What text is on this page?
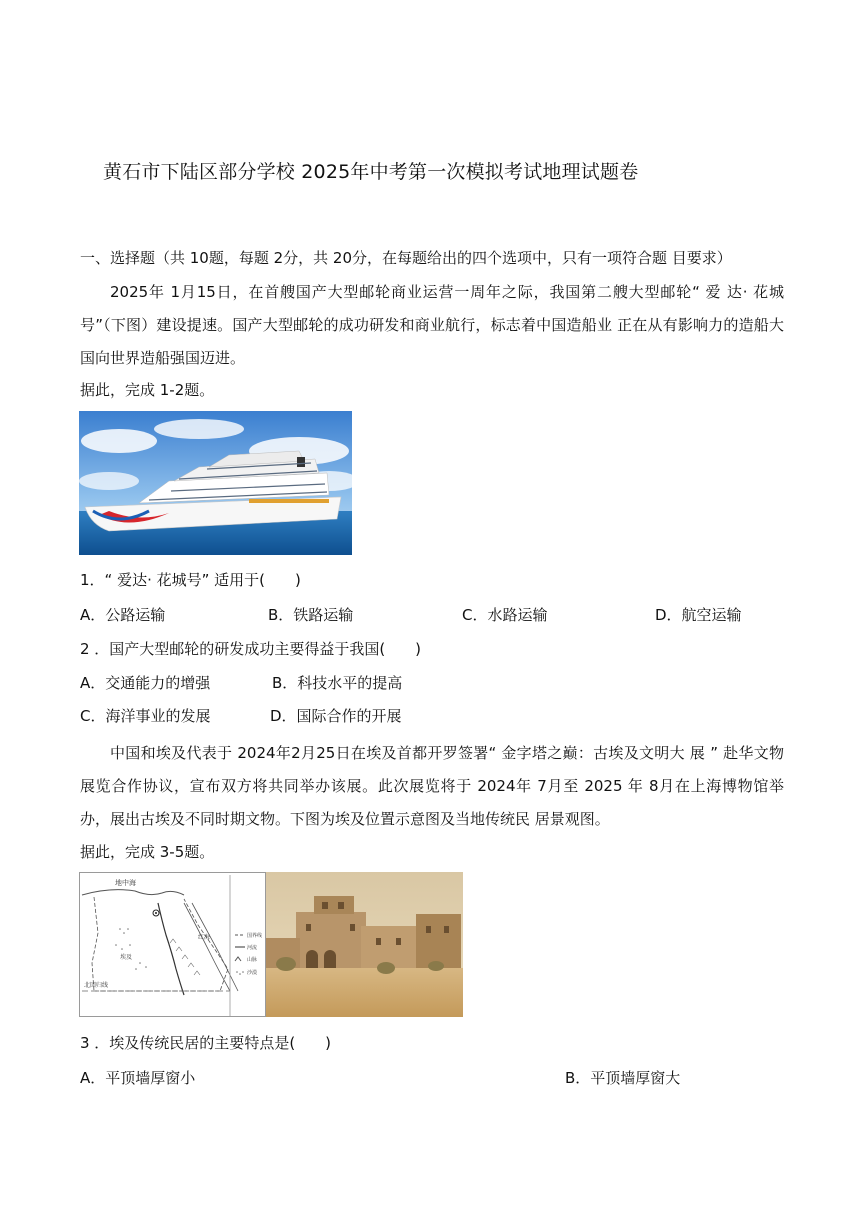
黄石市下陆区部分学校 2025年中考第一次模拟考试地理试题卷
一、选择题（共 10题，每题 2分，共 20分，在每题给出的四个选项中，只有一项符合题 目要求）
2025年 1月15日，在首艘国产大型邮轮商业运营一周年之际，我国第二艘大型邮轮“ 爱 达· 花城号”（下图）建设提速。国产大型邮轮的成功研发和商业航行，标志着中国造船业 正在从有影响力的造船大国向世界造船强国迈进。
据此，完成 1-2题。
1．“ 爱达· 花城号” 适用于(　　)
A．公路运输	B．铁路运输	C．水路运输	D．航空运输
2 ．国产大型邮轮的研发成功主要得益于我国(　　)
A．交通能力的增强	B．科技水平的提高
C．海洋事业的发展	D．国际合作的开展
中国和埃及代表于 2024年2月25日在埃及首都开罗签署“ 金字塔之巅：古埃及文明大 展 ” 赴华文物展览合作协议，宣布双方将共同举办该展。此次展览将于 2024年 7月至 2025 年 8月在上海博物馆举办，展出古埃及不同时期文物。下图为埃及位置示意图及当地传统民 居景观图。
据此，完成 3-5题。
地中海
埃及
红海
北回归线
国界线
河流
山脉
沙漠
3 ．埃及传统民居的主要特点是(　　)
A．平顶墙厚窗小	B．平顶墙厚窗大
